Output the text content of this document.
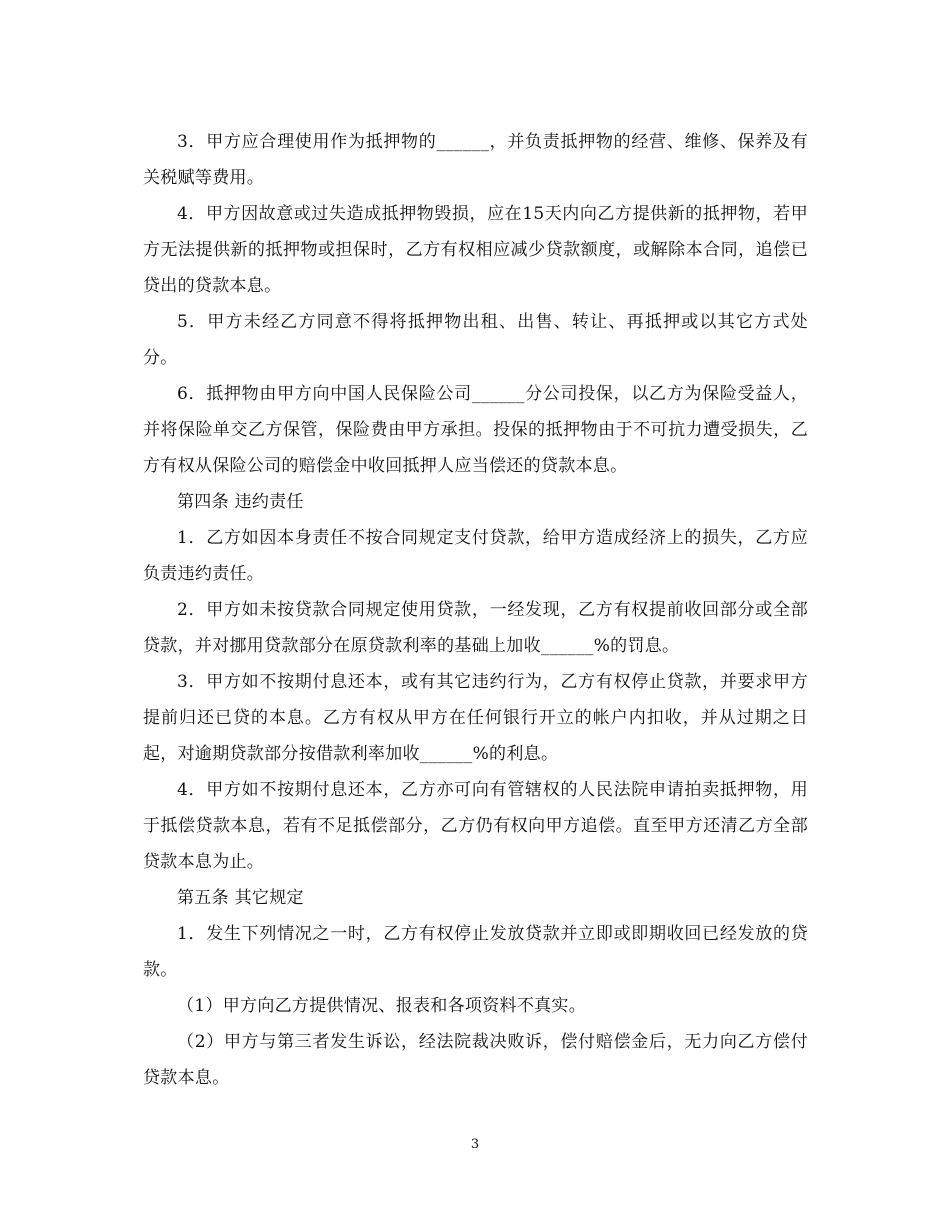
3．甲方应合理使用作为抵押物的______，并负责抵押物的经营、维修、保养及有关税赋等费用。

4．甲方因故意或过失造成抵押物毁损，应在15天内向乙方提供新的抵押物，若甲方无法提供新的抵押物或担保时，乙方有权相应减少贷款额度，或解除本合同，追偿已贷出的贷款本息。

5．甲方未经乙方同意不得将抵押物出租、出售、转让、再抵押或以其它方式处分。

6．抵押物由甲方向中国人民保险公司______分公司投保，以乙方为保险受益人，并将保险单交乙方保管，保险费由甲方承担。投保的抵押物由于不可抗力遭受损失，乙方有权从保险公司的赔偿金中收回抵押人应当偿还的贷款本息。

第四条 违约责任

1．乙方如因本身责任不按合同规定支付贷款，给甲方造成经济上的损失，乙方应负责违约责任。

2．甲方如未按贷款合同规定使用贷款，一经发现，乙方有权提前收回部分或全部贷款，并对挪用贷款部分在原贷款利率的基础上加收______%的罚息。

3．甲方如不按期付息还本，或有其它违约行为，乙方有权停止贷款，并要求甲方提前归还已贷的本息。乙方有权从甲方在任何银行开立的帐户内扣收，并从过期之日起，对逾期贷款部分按借款利率加收______%的利息。

4．甲方如不按期付息还本，乙方亦可向有管辖权的人民法院申请拍卖抵押物，用于抵偿贷款本息，若有不足抵偿部分，乙方仍有权向甲方追偿。直至甲方还清乙方全部贷款本息为止。

第五条 其它规定

1．发生下列情况之一时，乙方有权停止发放贷款并立即或即期收回已经发放的贷款。

（1）甲方向乙方提供情况、报表和各项资料不真实。

（2）甲方与第三者发生诉讼，经法院裁决败诉，偿付赔偿金后，无力向乙方偿付贷款本息。

3
